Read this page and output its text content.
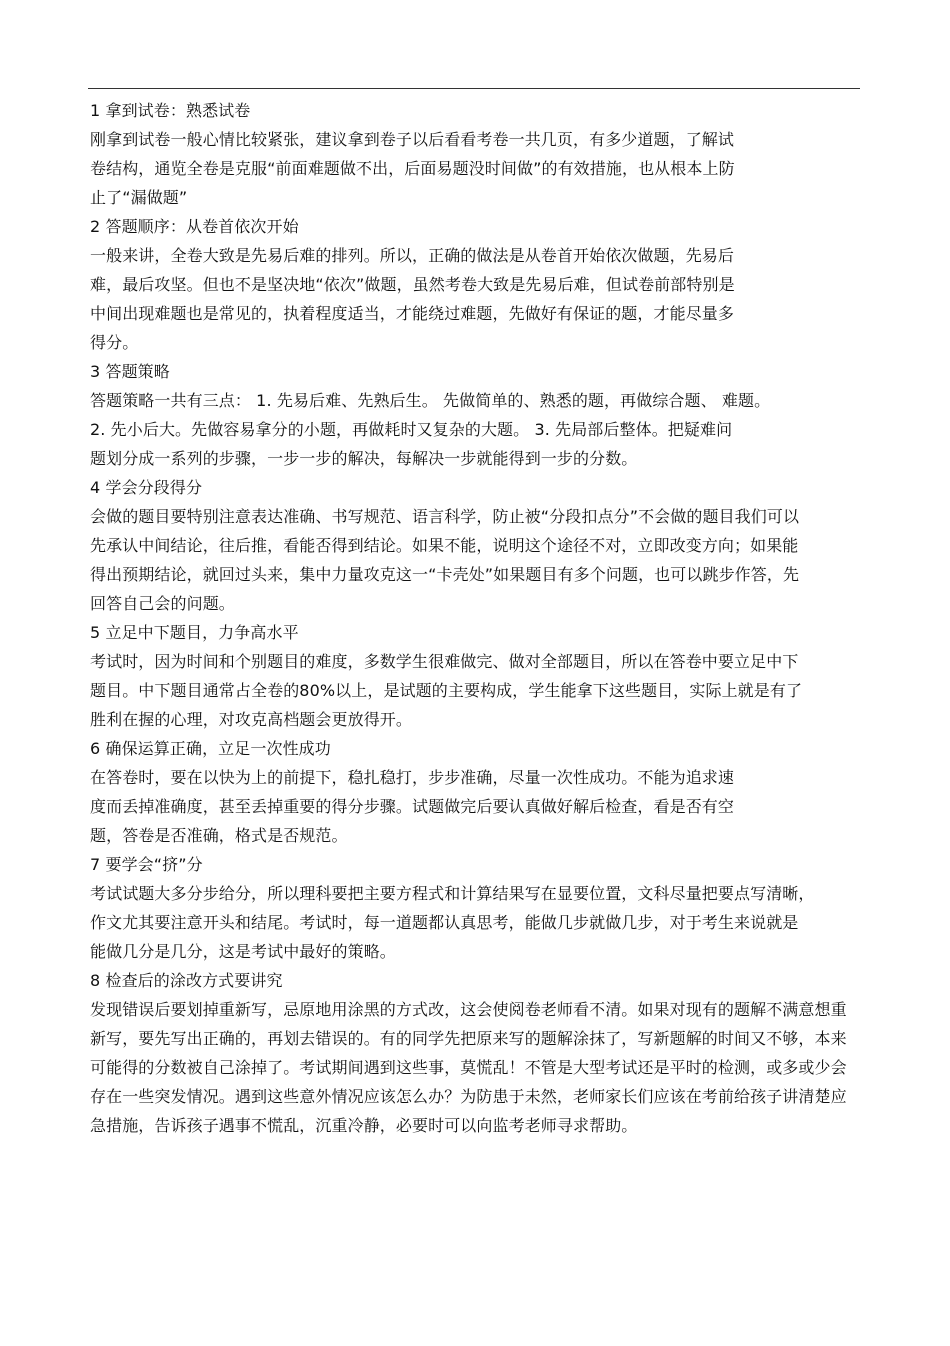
1 拿到试卷：熟悉试卷
刚拿到试卷一般心情比较紧张，建议拿到卷子以后看看考卷一共几页，有多少道题，了解试
卷结构，通览全卷是克服“前面难题做不出，后面易题没时间做”的有效措施，也从根本上防
止了“漏做题”
2 答题顺序：从卷首依次开始
一般来讲，全卷大致是先易后难的排列。所以，正确的做法是从卷首开始依次做题，先易后
难，最后攻坚。但也不是坚决地“依次”做题，虽然考卷大致是先易后难，但试卷前部特别是
中间出现难题也是常见的，执着程度适当，才能绕过难题，先做好有保证的题，才能尽量多
得分。
3 答题策略
答题策略一共有三点： 1. 先易后难、先熟后生。 先做简单的、熟悉的题，再做综合题、 难题。
2. 先小后大。先做容易拿分的小题，再做耗时又复杂的大题。 3. 先局部后整体。把疑难问
题划分成一系列的步骤，一步一步的解决，每解决一步就能得到一步的分数。
4 学会分段得分
会做的题目要特别注意表达准确、书写规范、语言科学，防止被“分段扣点分”不会做的题目我们可以
先承认中间结论，往后推，看能否得到结论。如果不能，说明这个途径不对，立即改变方向；如果能
得出预期结论，就回过头来，集中力量攻克这一“卡壳处”如果题目有多个问题，也可以跳步作答，先
回答自己会的问题。
5 立足中下题目，力争高水平
考试时，因为时间和个别题目的难度，多数学生很难做完、做对全部题目，所以在答卷中要立足中下
题目。中下题目通常占全卷的80%以上，是试题的主要构成，学生能拿下这些题目，实际上就是有了
胜利在握的心理，对攻克高档题会更放得开。
6 确保运算正确，立足一次性成功
在答卷时，要在以快为上的前提下，稳扎稳打，步步准确，尽量一次性成功。不能为追求速
度而丢掉准确度，甚至丢掉重要的得分步骤。试题做完后要认真做好解后检查，看是否有空
题，答卷是否准确，格式是否规范。
7 要学会“挤”分
考试试题大多分步给分，所以理科要把主要方程式和计算结果写在显要位置，文科尽量把要点写清晰，
作文尤其要注意开头和结尾。考试时，每一道题都认真思考，能做几步就做几步，对于考生来说就是
能做几分是几分，这是考试中最好的策略。
8 检查后的涂改方式要讲究
发现错误后要划掉重新写，忌原地用涂黑的方式改，这会使阅卷老师看不清。如果对现有的题解不满意想重
新写，要先写出正确的，再划去错误的。有的同学先把原来写的题解涂抹了，写新题解的时间又不够，本来
可能得的分数被自己涂掉了。考试期间遇到这些事，莫慌乱！不管是大型考试还是平时的检测，或多或少会
存在一些突发情况。遇到这些意外情况应该怎么办？为防患于未然，老师家长们应该在考前给孩子讲清楚应
急措施，告诉孩子遇事不慌乱，沉重冷静，必要时可以向监考老师寻求帮助。
